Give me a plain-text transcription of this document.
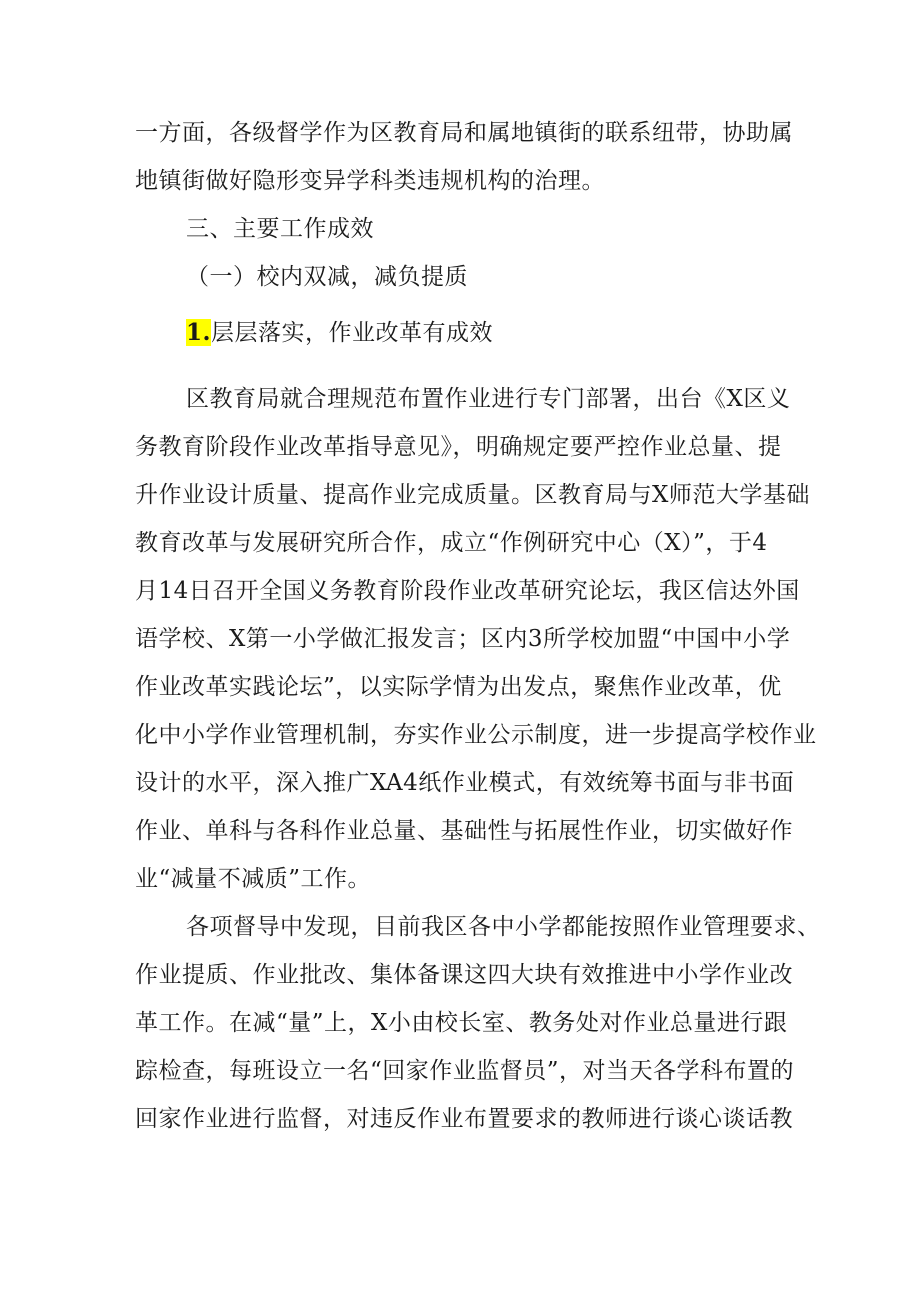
一方面，各级督学作为区教育局和属地镇街的联系纽带，协助属
地镇街做好隐形变异学科类违规机构的治理。
三、主要工作成效
（一）校内双减，减负提质
1.层层落实，作业改革有成效
区教育局就合理规范布置作业进行专门部署，出台《X区义
务教育阶段作业改革指导意见》，明确规定要严控作业总量、提
升作业设计质量、提高作业完成质量。区教育局与X师范大学基础
教育改革与发展研究所合作，成立“作例研究中心（X）”，于4
月14日召开全国义务教育阶段作业改革研究论坛，我区信达外国
语学校、X第一小学做汇报发言；区内3所学校加盟“中国中小学
作业改革实践论坛”，以实际学情为出发点，聚焦作业改革，优
化中小学作业管理机制，夯实作业公示制度，进一步提高学校作业
设计的水平，深入推广XA4纸作业模式，有效统筹书面与非书面
作业、单科与各科作业总量、基础性与拓展性作业，切实做好作
业“减量不减质”工作。
各项督导中发现，目前我区各中小学都能按照作业管理要求、
作业提质、作业批改、集体备课这四大块有效推进中小学作业改
革工作。在减“量”上，X小由校长室、教务处对作业总量进行跟
踪检查，每班设立一名“回家作业监督员”，对当天各学科布置的
回家作业进行监督，对违反作业布置要求的教师进行谈心谈话教
